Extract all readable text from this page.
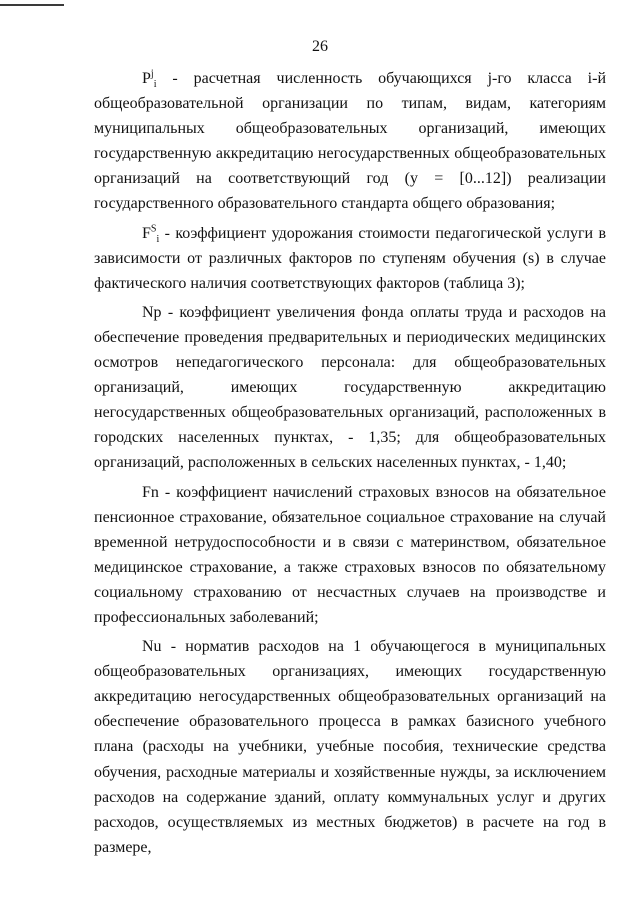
26

$P^j_i$ - расчетная численность обучающихся j-го класса i-й общеобразовательной организации по типам, видам, категориям муниципальных общеобразовательных организаций, имеющих государственную аккредитацию негосударственных общеобразовательных организаций на соответствующий год (у = [0...12]) реализации государственного образовательного стандарта общего образования;

$F^S_i$ - коэффициент удорожания стоимости педагогической услуги в зависимости от различных факторов по ступеням обучения (s) в случае фактического наличия соответствующих факторов (таблица 3);

Np - коэффициент увеличения фонда оплаты труда и расходов на обеспечение проведения предварительных и периодических медицинских осмотров непедагогического персонала: для общеобразовательных организаций, имеющих государственную аккредитацию негосударственных общеобразовательных организаций, расположенных в городских населенных пунктах, - 1,35; для общеобразовательных организаций, расположенных в сельских населенных пунктах, - 1,40;

Fn - коэффициент начислений страховых взносов на обязательное пенсионное страхование, обязательное социальное страхование на случай временной нетрудоспособности и в связи с материнством, обязательное медицинское страхование, а также страховых взносов по обязательному социальному страхованию от несчастных случаев на производстве и профессиональных заболеваний;

Nu - норматив расходов на 1 обучающегося в муниципальных общеобразовательных организациях, имеющих государственную аккредитацию негосударственных общеобразовательных организаций на обеспечение образовательного процесса в рамках базисного учебного плана (расходы на учебники, учебные пособия, технические средства обучения, расходные материалы и хозяйственные нужды, за исключением расходов на содержание зданий, оплату коммунальных услуг и других расходов, осуществляемых из местных бюджетов) в расчете на год в размере,
